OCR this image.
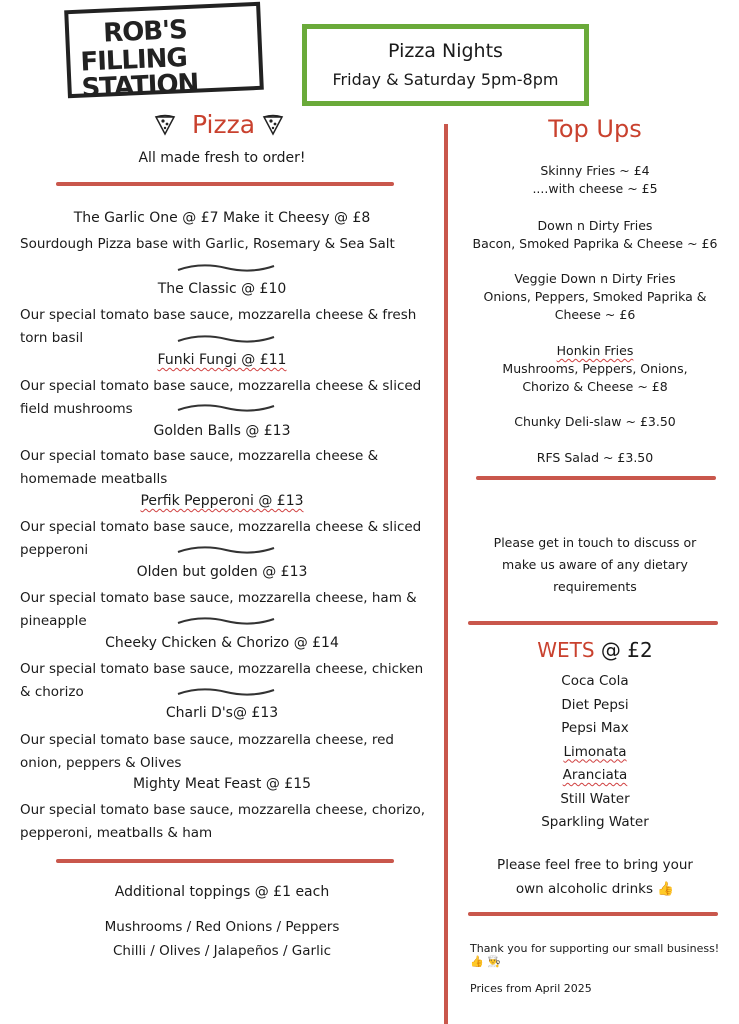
ROB'S
FILLING STATION
Pizza Nights
Friday & Saturday 5pm-8pm
Pizza
All made fresh to order!
The Garlic One @ £7 Make it Cheesy @ £8
Sourdough Pizza base with Garlic, Rosemary & Sea Salt
The Classic @ £10
Our special tomato base sauce, mozzarella cheese & fresh torn basil
Funki Fungi @ £11
Our special tomato base sauce, mozzarella cheese & sliced field mushrooms
Golden Balls @ £13
Our special tomato base sauce, mozzarella cheese & homemade meatballs
Perfik Pepperoni @ £13
Our special tomato base sauce, mozzarella cheese & sliced pepperoni
Olden but golden @ £13
Our special tomato base sauce, mozzarella cheese, ham & pineapple
Cheeky Chicken & Chorizo @ £14
Our special tomato base sauce, mozzarella cheese, chicken & chorizo
Charli D's@ £13
Our special tomato base sauce, mozzarella cheese, red onion, peppers & Olives
Mighty Meat Feast @ £15
Our special tomato base sauce, mozzarella cheese, chorizo, pepperoni, meatballs & ham
Additional toppings @ £1 each
Mushrooms / Red Onions / Peppers
Chilli / Olives / Jalapeños / Garlic
Top Ups
Skinny Fries ~ £4
....with cheese ~ £5
Down n Dirty Fries
Bacon, Smoked Paprika & Cheese ~ £6
Veggie Down n Dirty Fries
Onions, Peppers, Smoked Paprika & Cheese ~ £6
Honkin Fries
Mushrooms, Peppers, Onions, Chorizo & Cheese ~ £8
Chunky Deli-slaw ~ £3.50
RFS Salad ~ £3.50
Please get in touch to discuss or make us aware of any dietary requirements
WETS @ £2
Coca Cola
Diet Pepsi
Pepsi Max
Limonata
Aranciata
Still Water
Sparkling Water
Please feel free to bring your own alcoholic drinks 👍
Thank you for supporting our small business! 👍 👨‍🍳
Prices from April 2025
